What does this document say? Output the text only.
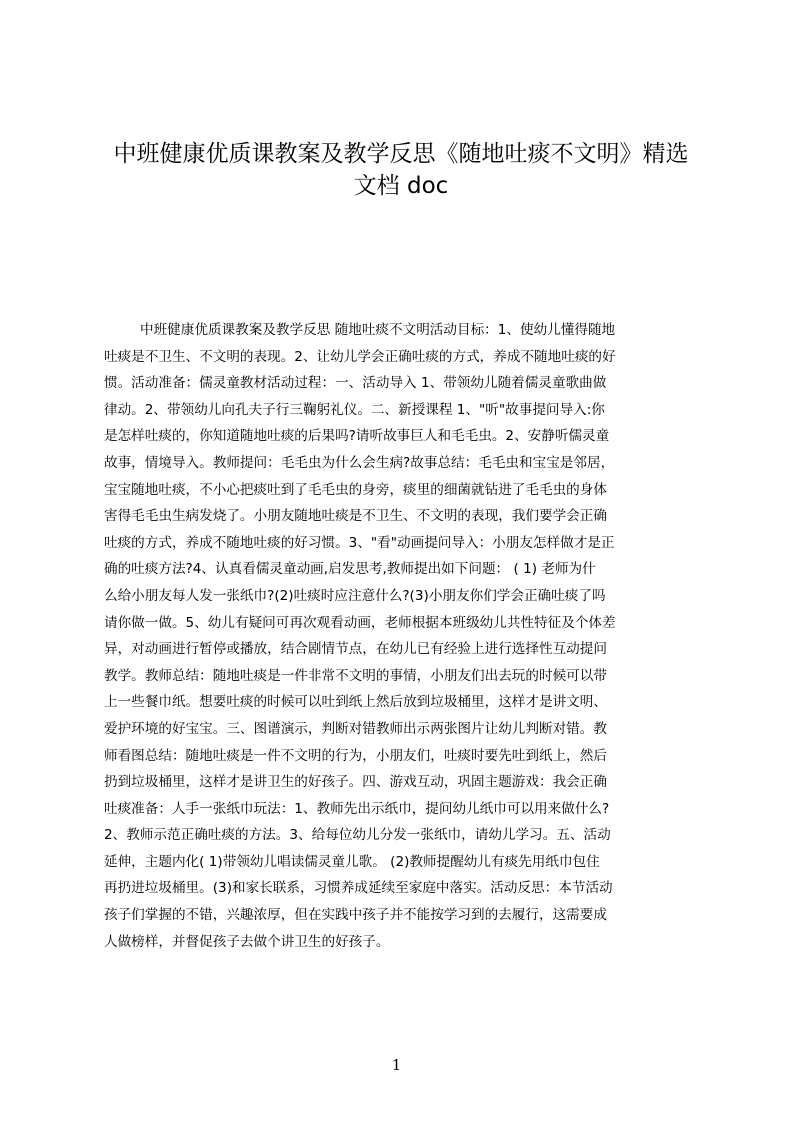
中班健康优质课教案及教学反思《随地吐痰不文明》精选
文档 doc
中班健康优质课教案及教学反思 随地吐痰不文明活动目标：1、使幼儿懂得随地
吐痰是不卫生、不文明的表现。2、让幼儿学会正确吐痰的方式，养成不随地吐痰的好
惯。活动准备：儒灵童教材活动过程：一、活动导入 1、带领幼儿随着儒灵童歌曲做
律动。2、带领幼儿向孔夫子行三鞠躬礼仪。二、新授课程 1、"听"故事提问导入:你
是怎样吐痰的，你知道随地吐痰的后果吗?请听故事巨人和毛毛虫。2、安静听儒灵童
故事，情境导入。教师提问：毛毛虫为什么会生病?故事总结：毛毛虫和宝宝是邻居，
宝宝随地吐痰，不小心把痰吐到了毛毛虫的身旁，痰里的细菌就钻进了毛毛虫的身体
害得毛毛虫生病发烧了。小朋友随地吐痰是不卫生、不文明的表现，我们要学会正确
吐痰的方式，养成不随地吐痰的好习惯。3、"看"动画提问导入：小朋友怎样做才是正
确的吐痰方法?4、认真看儒灵童动画,启发思考,教师提出如下问题： ( 1) 老师为什
么给小朋友每人发一张纸巾?(2)吐痰时应注意什么?(3)小朋友你们学会正确吐痰了吗
请你做一做。5、幼儿有疑问可再次观看动画，老师根据本班级幼儿共性特征及个体差
异，对动画进行暂停或播放，结合剧情节点，在幼儿已有经验上进行选择性互动提问
教学。教师总结：随地吐痰是一件非常不文明的事情，小朋友们出去玩的时候可以带
上一些餐巾纸。想要吐痰的时候可以吐到纸上然后放到垃圾桶里，这样才是讲文明、
爱护环境的好宝宝。三、图谱演示，判断对错教师出示两张图片让幼儿判断对错。教
师看图总结：随地吐痰是一件不文明的行为，小朋友们，吐痰时要先吐到纸上，然后
扔到垃圾桶里，这样才是讲卫生的好孩子。四、游戏互动，巩固主题游戏：我会正确
吐痰准备：人手一张纸巾玩法：1、教师先出示纸巾，提问幼儿纸巾可以用来做什么?
2、教师示范正确吐痰的方法。3、给每位幼儿分发一张纸巾，请幼儿学习。五、活动
延伸，主题内化( 1)带领幼儿唱读儒灵童儿歌。 (2)教师提醒幼儿有痰先用纸巾包住
再扔进垃圾桶里。(3)和家长联系，习惯养成延续至家庭中落实。活动反思：本节活动
孩子们掌握的不错，兴趣浓厚，但在实践中孩子并不能按学习到的去履行，这需要成
人做榜样，并督促孩子去做个讲卫生的好孩子。
1
